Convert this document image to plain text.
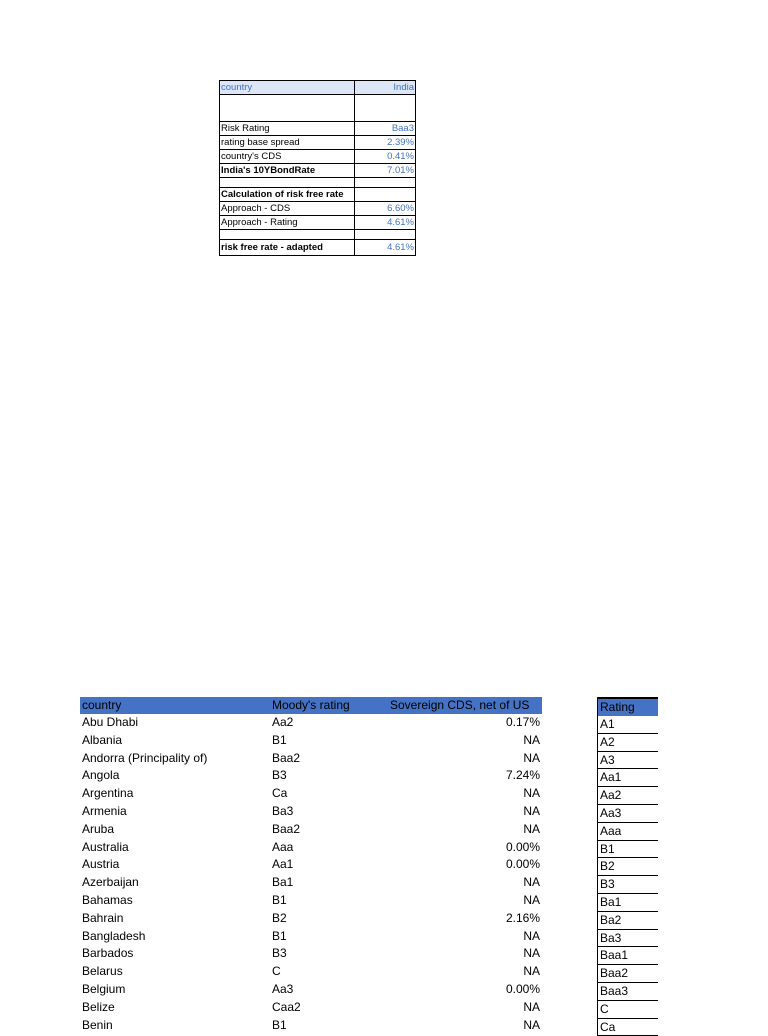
country	India

Risk Rating	Baa3
rating base spread	2.39%
country's CDS	0.41%
India's 10YBondRate	7.01%

Calculation of risk free rate	
Approach - CDS	6.60%
Approach - Rating	4.61%

risk free rate - adapted	4.61%
country	Moody's rating	Sovereign CDS, net of US
Abu Dhabi	Aa2	0.17%
Albania	B1	NA
Andorra (Principality of)	Baa2	NA
Angola	B3	7.24%
Argentina	Ca	NA
Armenia	Ba3	NA
Aruba	Baa2	NA
Australia	Aaa	0.00%
Austria	Aa1	0.00%
Azerbaijan	Ba1	NA
Bahamas	B1	NA
Bahrain	B2	2.16%
Bangladesh	B1	NA
Barbados	B3	NA
Belarus	C	NA
Belgium	Aa3	0.00%
Belize	Caa2	NA
Benin	B1	NA
Rating
A1
A2
A3
Aa1
Aa2
Aa3
Aaa
B1
B2
B3
Ba1
Ba2
Ba3
Baa1
Baa2
Baa3
C
Ca
